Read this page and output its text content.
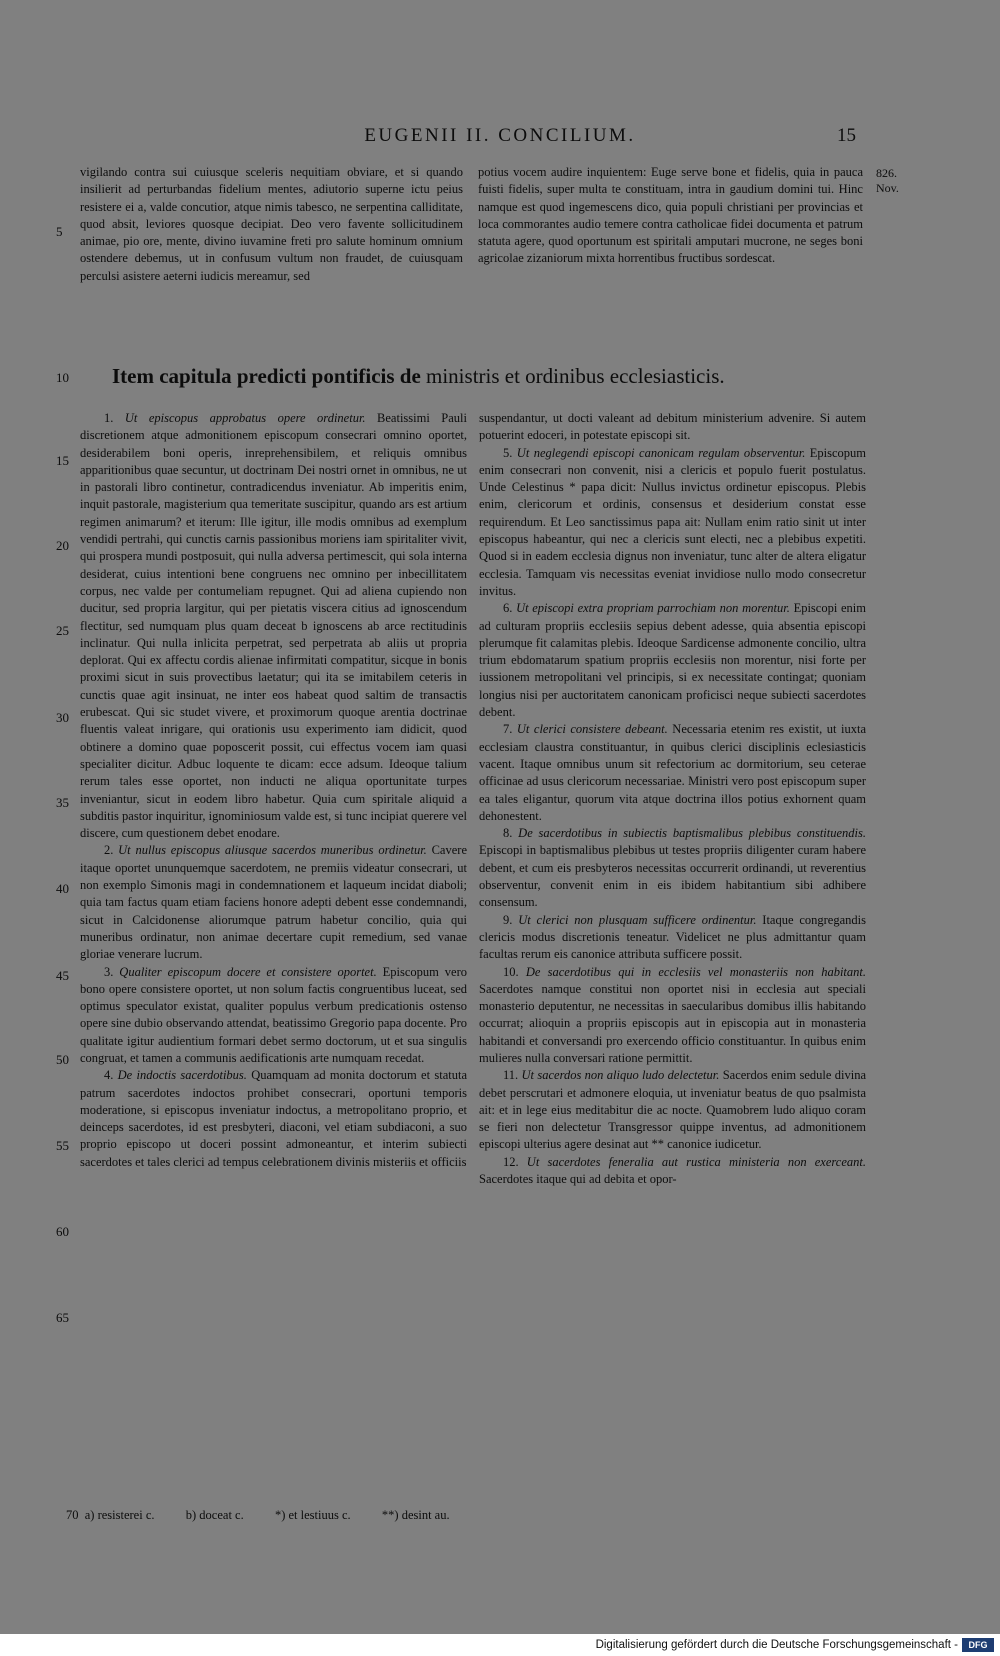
EUGENII II. CONCILIUM.	15

vigilando contra sui cuiusque sceleris nequitiam obviare, et si quando insilierit ad perturbandas fidelium mentes, adiutorio superne ictu peius resistere ei a, valde concutior, atque nimis tabesco, ne serpentina calliditate, quod absit, leviores quosque decipiat. Deo vero favente sollicitudinem animae, pio ore, mente, divino iuvamine freti pro salute hominum omnium ostendere debemus, ut in confusum vultum non fraudet, de cuiusquam perculsi asistere aeterni iudicis mereamur, sed

potius vocem audire inquientem: Euge serve bone et fidelis, quia in pauca fuisti fidelis, super multa te constituam, intra in gaudium domini tui. Hinc namque est quod ingemescens dico, quia populi christiani per provincias et loca commorantes audio temere contra catholicae fidei documenta et patrum statuta agere, quod oportunum est spiritali amputari mucrone, ne seges boni agricolae zizaniorum mixta horrentibus fructibus sordescat.

826.
Nov.
Item capitula predicti pontificis de ministris et ordinibus ecclesiasticis.
5
10
15
20
25
30
35
40
45
50
55
60
65

1. Ut episcopus approbatus opere ordinetur. Beatissimi Pauli discretionem atque admonitionem episcopum consecrari omnino oportet, desiderabilem boni operis, inreprehensibilem, et reliquis omnibus apparitionibus quae secuntur, ut doctrinam Dei nostri ornet in omnibus, ne ut in pastorali libro continetur, contradicendus inveniatur. Ab imperitis enim, inquit pastorale, magisterium qua temeritate suscipitur, quando ars est artium regimen animarum? et iterum: Ille igitur, ille modis omnibus ad exemplum vendidi pertrahi, qui cunctis carnis passionibus moriens iam spiritaliter vivit, qui prospera mundi postposuit, qui nulla adversa pertimescit, qui sola interna desiderat, cuius intentioni bene congruens nec omnino per inbecillitatem corpus, nec valde per contumeliam repugnet. Qui ad aliena cupiendo non ducitur, sed propria largitur, qui per pietatis viscera citius ad ignoscendum flectitur, sed numquam plus quam deceat b ignoscens ab arce rectitudinis inclinatur. Qui nulla inlicita perpetrat, sed perpetrata ab aliis ut propria deplorat. Qui ex affectu cordis alienae infirmitati compatitur, sicque in bonis proximi sicut in suis provectibus laetatur; qui ita se imitabilem ceteris in cunctis quae agit insinuat, ne inter eos habeat quod saltim de transactis erubescat. Qui sic studet vivere, et proximorum quoque arentia doctrinae fluentis valeat inrigare, qui orationis usu experimento iam didicit, quod obtinere a domino quae poposcerit possit, cui effectus vocem iam quasi specialiter dicitur. Adbuc loquente te dicam: ecce adsum. Ideoque talium rerum tales esse oportet, non inducti ne aliqua oportunitate turpes inveniantur, sicut in eodem libro habetur. Quia cum spiritale aliquid a subditis pastor inquiritur, ignominiosum valde est, si tunc incipiat querere vel discere, cum questionem debet enodare.

2. Ut nullus episcopus aliusque sacerdos muneribus ordinetur. Cavere itaque oportet ununquemque sacerdotem, ne premiis videatur consecrari, ut non exemplo Simonis magi in condemnationem et laqueum incidat diaboli; quia tam factus quam etiam faciens honore adepti debent esse condemnandi, sicut in Calcidonense aliorumque patrum habetur concilio, quia qui muneribus ordinatur, non animae decertare cupit remedium, sed vanae gloriae venerare lucrum.

3. Qualiter episcopum docere et consistere oportet. Episcopum vero bono opere consistere oportet, ut non solum factis congruentibus luceat, sed optimus speculator existat, qualiter populus verbum predicationis ostenso opere sine dubio observando attendat, beatissimo Gregorio papa docente. Pro qualitate igitur audientium formari debet sermo doctorum, ut et sua singulis congruat, et tamen a communis aedificationis arte numquam recedat.

4. De indoctis sacerdotibus. Quamquam ad monita doctorum et statuta patrum sacerdotes indoctos prohibet consecrari, oportuni temporis moderatione, si episcopus inveniatur indoctus, a metropolitano proprio, et deinceps sacerdotes, id est presbyteri, diaconi, vel etiam subdiaconi, a suo proprio episcopo ut doceri possint admoneantur, et interim subiecti sacerdotes et tales clerici ad tempus celebrationem divinis misteriis et officiis

suspendantur, ut docti valeant ad debitum ministerium advenire. Si autem potuerint edoceri, in potestate episcopi sit.

5. Ut neglegendi episcopi canonicam regulam observentur. Episcopum enim consecrari non convenit, nisi a clericis et populo fuerit postulatus. Unde Celestinus * papa dicit: Nullus invictus ordinetur episcopus. Plebis enim, clericorum et ordinis, consensus et desiderium constat esse requirendum. Et Leo sanctissimus papa ait: Nullam enim ratio sinit ut inter episcopus habeantur, qui nec a clericis sunt electi, nec a plebibus expetiti. Quod si in eadem ecclesia dignus non inveniatur, tunc alter de altera eligatur ecclesia. Tamquam vis necessitas eveniat invidiose nullo modo consecretur invitus.

6. Ut episcopi extra propriam parrochiam non morentur. Episcopi enim ad culturam propriis ecclesiis sepius debent adesse, quia absentia episcopi plerumque fit calamitas plebis. Ideoque Sardicense admonente concilio, ultra trium ebdomatarum spatium propriis ecclesiis non morentur, nisi forte per iussionem metropolitani vel principis, si ex necessitate contingat; quoniam longius nisi per auctoritatem canonicam proficisci neque subiecti sacerdotes debent.

7. Ut clerici consistere debeant. Necessaria etenim res existit, ut iuxta ecclesiam claustra constituantur, in quibus clerici disciplinis eclesiasticis vacent. Itaque omnibus unum sit refectorium ac dormitorium, seu ceterae officinae ad usus clericorum necessariae. Ministri vero post episcopum super ea tales eligantur, quorum vita atque doctrina illos potius exhornent quam dehonestent.

8. De sacerdotibus in subiectis baptismalibus plebibus constituendis. Episcopi in baptismalibus plebibus ut testes propriis diligenter curam habere debent, et cum eis presbyteros necessitas occurrerit ordinandi, ut reverentius observentur, convenit enim in eis ibidem habitantium sibi adhibere consensum.

9. Ut clerici non plusquam sufficere ordinentur. Itaque congregandis clericis modus discretionis teneatur. Videlicet ne plus admittantur quam facultas rerum eis canonice attributa sufficere possit.

10. De sacerdotibus qui in ecclesiis vel monasteriis non habitant. Sacerdotes namque constitui non oportet nisi in ecclesia aut speciali monasterio deputentur, ne necessitas in saecularibus domibus illis habitando occurrat; alioquin a propriis episcopis aut in episcopia aut in monasteria habitandi et conversandi pro exercendo officio constituantur. In quibus enim mulieres nulla conversari ratione permittit.

11. Ut sacerdos non aliquo ludo delectetur. Sacerdos enim sedule divina debet perscrutari et admonere eloquia, ut inveniatur beatus de quo psalmista ait: et in lege eius meditabitur die ac nocte. Quamobrem ludo aliquo coram se fieri non delectetur Transgressor quippe inventus, ad admonitionem episcopi ulterius agere desinat aut ** canonice iudicetur.

12. Ut sacerdotes feneralia aut rustica ministeria non exerceant. Sacerdotes itaque qui ad debita et opor-

70 a) resisterei c.	b) doceat c.	*) et lestiuus c.	**) desint au.
Digitalisierung gefördert durch die Deutsche Forschungsgemeinschaft -	DFG
